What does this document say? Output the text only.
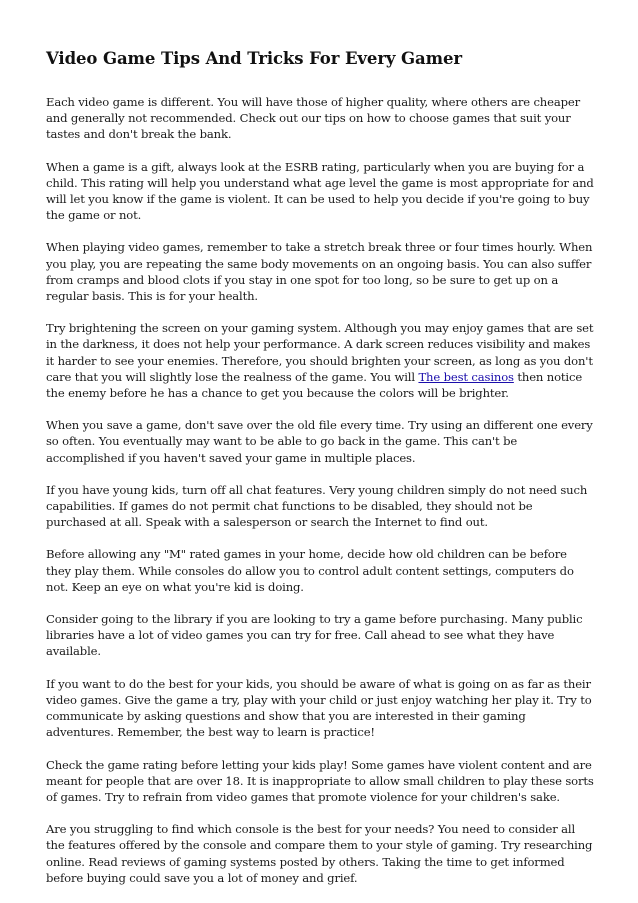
Video Game Tips And Tricks For Every Gamer

Each video game is different. You will have those of higher quality, where others are cheaper and generally not recommended. Check out our tips on how to choose games that suit your tastes and don't break the bank.

When a game is a gift, always look at the ESRB rating, particularly when you are buying for a child. This rating will help you understand what age level the game is most appropriate for and will let you know if the game is violent. It can be used to help you decide if you're going to buy the game or not.

When playing video games, remember to take a stretch break three or four times hourly. When you play, you are repeating the same body movements on an ongoing basis. You can also suffer from cramps and blood clots if you stay in one spot for too long, so be sure to get up on a regular basis. This is for your health.

Try brightening the screen on your gaming system. Although you may enjoy games that are set in the darkness, it does not help your performance. A dark screen reduces visibility and makes it harder to see your enemies. Therefore, you should brighten your screen, as long as you don't care that you will slightly lose the realness of the game. You will The best casinos then notice the enemy before he has a chance to get you because the colors will be brighter.

When you save a game, don't save over the old file every time. Try using an different one every so often. You eventually may want to be able to go back in the game. This can't be accomplished if you haven't saved your game in multiple places.

If you have young kids, turn off all chat features. Very young children simply do not need such capabilities. If games do not permit chat functions to be disabled, they should not be purchased at all. Speak with a salesperson or search the Internet to find out.

Before allowing any "M" rated games in your home, decide how old children can be before they play them. While consoles do allow you to control adult content settings, computers do not. Keep an eye on what you're kid is doing.

Consider going to the library if you are looking to try a game before purchasing. Many public libraries have a lot of video games you can try for free. Call ahead to see what they have available.

If you want to do the best for your kids, you should be aware of what is going on as far as their video games. Give the game a try, play with your child or just enjoy watching her play it. Try to communicate by asking questions and show that you are interested in their gaming adventures. Remember, the best way to learn is practice!

Check the game rating before letting your kids play! Some games have violent content and are meant for people that are over 18. It is inappropriate to allow small children to play these sorts of games. Try to refrain from video games that promote violence for your children's sake.

Are you struggling to find which console is the best for your needs? You need to consider all the features offered by the console and compare them to your style of gaming. Try researching online. Read reviews of gaming systems posted by others. Taking the time to get informed before buying could save you a lot of money and grief.
